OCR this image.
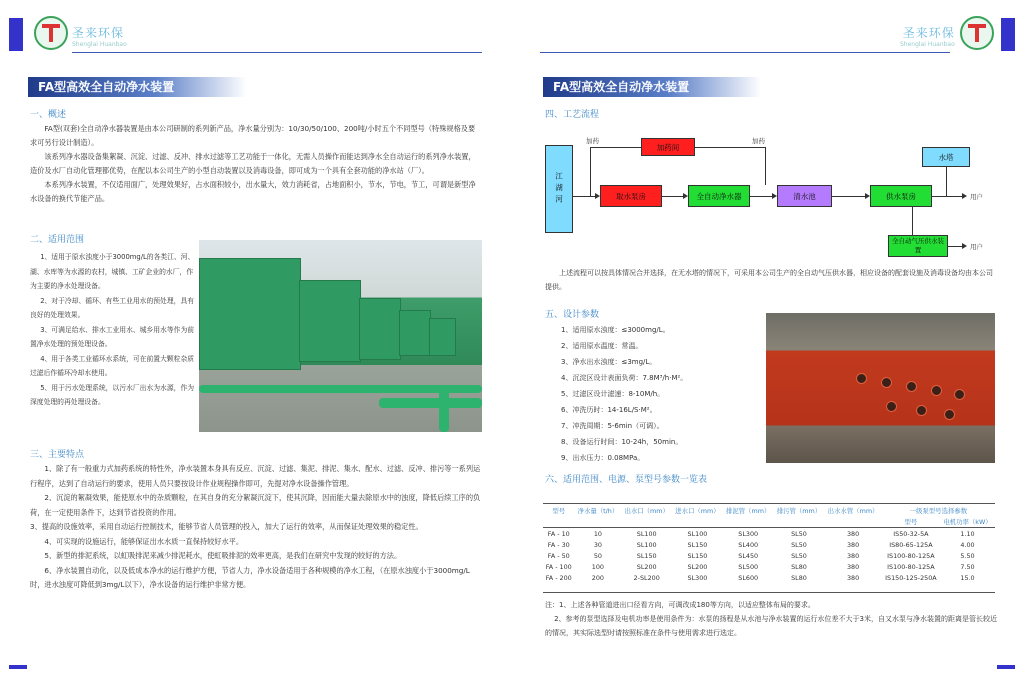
圣来环保
Shenglai Huanbao
圣来环保
Shenglai Huanbao
FA型高效全自动净水装置
一、概述

FA型(双套)全自动净水器装置是由本公司研制的系列新产品，净水量分别为：10/30/50/100、200吨/小时五个不同型号（特殊规格及要求可另行设计制造）。

该系列净水器设备集絮凝、沉淀、过滤、反冲、排水过滤等工艺功能于一体化，无需人员操作而能达到净水全自动运行的系列净水装置，造价及水厂自动化管理都优势，在配以本公司生产的小型自动装置以及消毒设备，即可成为一个具有全套功能的净水站（厂）。

本系列净水装置，不仅适用面广，处理效果好，占水面积较小，出水量大，效力消耗省，占地面积小，节水，节电，节工，可谓是新型净水设备的换代节能产品。

二、适用范围

1、适用于原水浊度小于3000mg/L的各类江、河、湖、水库等为水源的农村，城镇、工矿企业的水厂，作为主要的净水处理设备。

2、对于冷却、循环、有些工业用水的预处理，具有良好的处理效果。

3、可满足给水、排水工业用水、城乡用水等作为前置净水处理的预处理设备。

4、用于各类工业循环水系统，可在前置大颗粒杂质过滤后作循环冷却水使用。

5、用于污水处理系统，以污水厂出水为水源，作为深度处理的再处理设备。

三、主要特点

1、除了有一般重力式加药系统的特性外，净水装置本身具有反应、沉淀、过滤、集泥、排泥、集水、配水、过滤、反冲、排污等一系列运行程序，达到了自动运行的要求，使用人员只要按设计作业规程操作即可，先提对净水设备操作管理。

2、沉淀的絮凝效果，能使原水中的杂质颗粒，在其自身的充分絮凝沉淀下，使其沉降，因而能大量去除原水中的浊度，降低后续工序的负荷，在一定使用条件下，达到节省投资的作用。

3、提高的设施效率，采用自动运行控制技术，能够节省人员管理的投入，加大了运行的效率，从而保证处理效果的稳定性。

4、可实现的设施运行，能够保证出水水质一直保持较好水平。

5、新型的排泥系统，以虹吸排泥来减少排泥耗水，使虹吸排泥的效率更高，是我们在研究中发现的较好的方法。

6、净水装置自动化，以及低成本净水的运行维护方便，节省人力，净水设备适用于各种规模的净水工程，（在原水浊度小于3000mg/L时，进水浊度可降低到3mg/L以下），净水设备的运行维护非常方便。

FA型高效全自动净水装置
四、工艺流程
江湖河	取水泵房
加药间
全自动净水器	清水池	供水泵房
水塔
全自动气压供水装置
用户
用户
加药	加药

上述流程可以按具体情况合并选择，在无水塔的情况下，可采用本公司生产的全自动气压供水器，相应设备的配套设施及消毒设备均由本公司提供。

五、设计参数
1、适用原水浊度：≤3000mg/L。
2、适用原水温度：常温。
3、净水出水浊度：≤3mg/L。
4、沉淀区设计表面负荷：7.8M³/h·M²。
5、过滤区设计滤速：8-10M/h。
6、冲洗历时：14-16L/S·M²。
7、冲洗周期：5-6min（可调）。
8、设备运行时间：10-24h，50min。
9、出水压力：0.08MPa。
六、适用范围、电源、泵型号参数一览表
型号	净水量（t/h）	出水口（mm）	进水口（mm）	排泥管（mm）	排污管（mm）	出水水管（mm）	一级泵型号选择参数	
							型号	电机功率（kW）
FA - 10	10	SL100	SL100	SL300	SL50	380	IS50-32-5A	1.10
FA - 30	30	SL100	SL150	SL400	SL50	380	IS80-65-125A	4.00
FA - 50	50	SL150	SL150	SL450	SL50	380	IS100-80-125A	5.50
FA - 100	100	SL200	SL200	SL500	SL80	380	IS100-80-125A	7.50
FA - 200	200	2-SL200	SL300	SL600	SL80	380	IS150-125-250A	15.0

注：1、上述各种管道进出口径看方向，可调改成180等方向，以适应整体布局的要求。

2、参考的泵型选择及电机功率是使用条件为：水泵的扬程是从水池与净水装置的运行水位差不大于3米，自又水泵与净水装置的距离是管长较近的情况，其实际选型时请按照标准在条件与使用需求进行选定。
